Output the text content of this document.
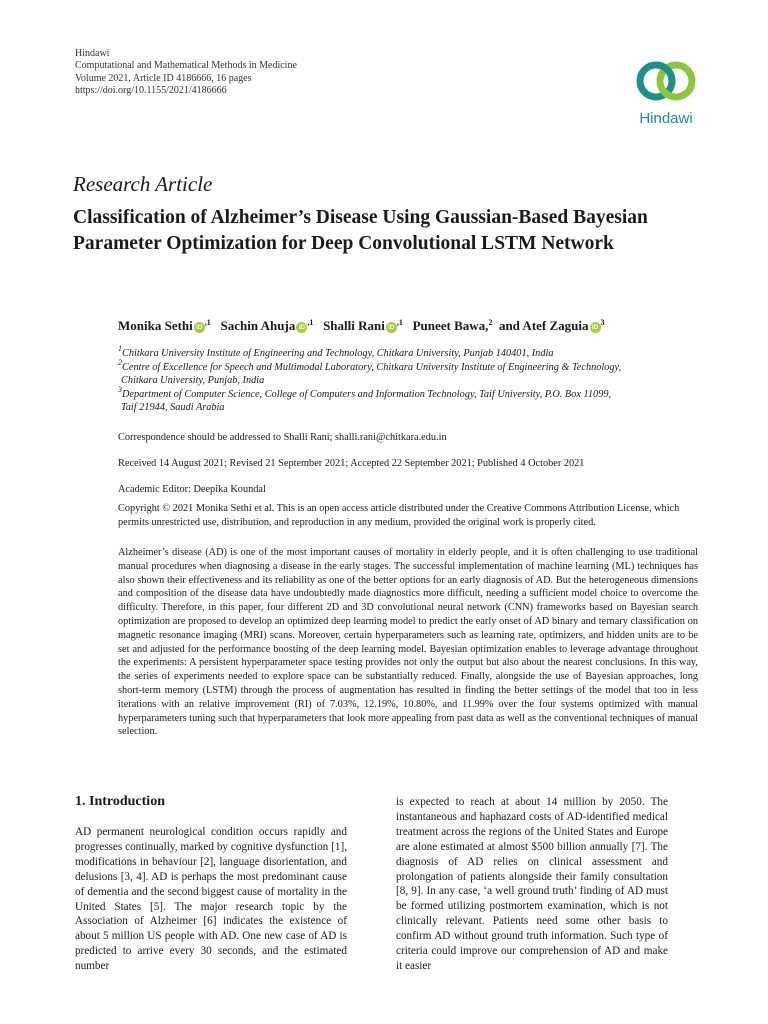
Hindawi
Computational and Mathematical Methods in Medicine
Volume 2021, Article ID 4186666, 16 pages
https://doi.org/10.1155/2021/4186666
Hindawi
Research Article
Classification of Alzheimer’s Disease Using Gaussian-Based Bayesian Parameter Optimization for Deep Convolutional LSTM Network
Monika Sethi $iD^{,1}$ Sachin Ahuja $iD^{,1}$ Shalli Rani $iD^{,1}$ Puneet Bawa,$^2$ and Atef Zaguia $iD^3$
$^1$Chitkara University Institute of Engineering and Technology, Chitkara University, Punjab 140401, India
$^2$Centre of Excellence for Speech and Multimodal Laboratory, Chitkara University Institute of Engineering & Technology,
Chitkara University, Punjab, India
$^3$Department of Computer Science, College of Computers and Information Technology, Taif University, P.O. Box 11099,
Taif 21944, Saudi Arabia
Correspondence should be addressed to Shalli Rani; shalli.rani@chitkara.edu.in
Received 14 August 2021; Revised 21 September 2021; Accepted 22 September 2021; Published 4 October 2021
Academic Editor: Deepika Koundal
Copyright © 2021 Monika Sethi et al. This is an open access article distributed under the Creative Commons Attribution License, which permits unrestricted use, distribution, and reproduction in any medium, provided the original work is properly cited.
Alzheimer’s disease (AD) is one of the most important causes of mortality in elderly people, and it is often challenging to use traditional manual procedures when diagnosing a disease in the early stages. The successful implementation of machine learning (ML) techniques has also shown their effectiveness and its reliability as one of the better options for an early diagnosis of AD. But the heterogeneous dimensions and composition of the disease data have undoubtedly made diagnostics more difficult, needing a sufficient model choice to overcome the difficulty. Therefore, in this paper, four different 2D and 3D convolutional neural network (CNN) frameworks based on Bayesian search optimization are proposed to develop an optimized deep learning model to predict the early onset of AD binary and ternary classification on magnetic resonance imaging (MRI) scans. Moreover, certain hyperparameters such as learning rate, optimizers, and hidden units are to be set and adjusted for the performance boosting of the deep learning model. Bayesian optimization enables to leverage advantage throughout the experiments: A persistent hyperparameter space testing provides not only the output but also about the nearest conclusions. In this way, the series of experiments needed to explore space can be substantially reduced. Finally, alongside the use of Bayesian approaches, long short-term memory (LSTM) through the process of augmentation has resulted in finding the better settings of the model that too in less iterations with an relative improvement (RI) of 7.03%, 12.19%, 10.80%, and 11.99% over the four systems optimized with manual hyperparameters tuning such that hyperparameters that look more appealing from past data as well as the conventional techniques of manual selection.
1. Introduction
AD permanent neurological condition occurs rapidly and progresses continually, marked by cognitive dysfunction [1], modifications in behaviour [2], language disorientation, and delusions [3, 4]. AD is perhaps the most predominant cause of dementia and the second biggest cause of mortality in the United States [5]. The major research topic by the Association of Alzheimer [6] indicates the existence of about 5 million US people with AD. One new case of AD is predicted to arrive every 30 seconds, and the estimated number
is expected to reach at about 14 million by 2050. The instantaneous and haphazard costs of AD-identified medical treatment across the regions of the United States and Europe are alone estimated at almost $500 billion annually [7]. The diagnosis of AD relies on clinical assessment and prolongation of patients alongside their family consultation [8, 9]. In any case, ‘a well ground truth’ finding of AD must be formed utilizing postmortem examination, which is not clinically relevant. Patients need some other basis to confirm AD without ground truth information. Such type of criteria could improve our comprehension of AD and make it easier
